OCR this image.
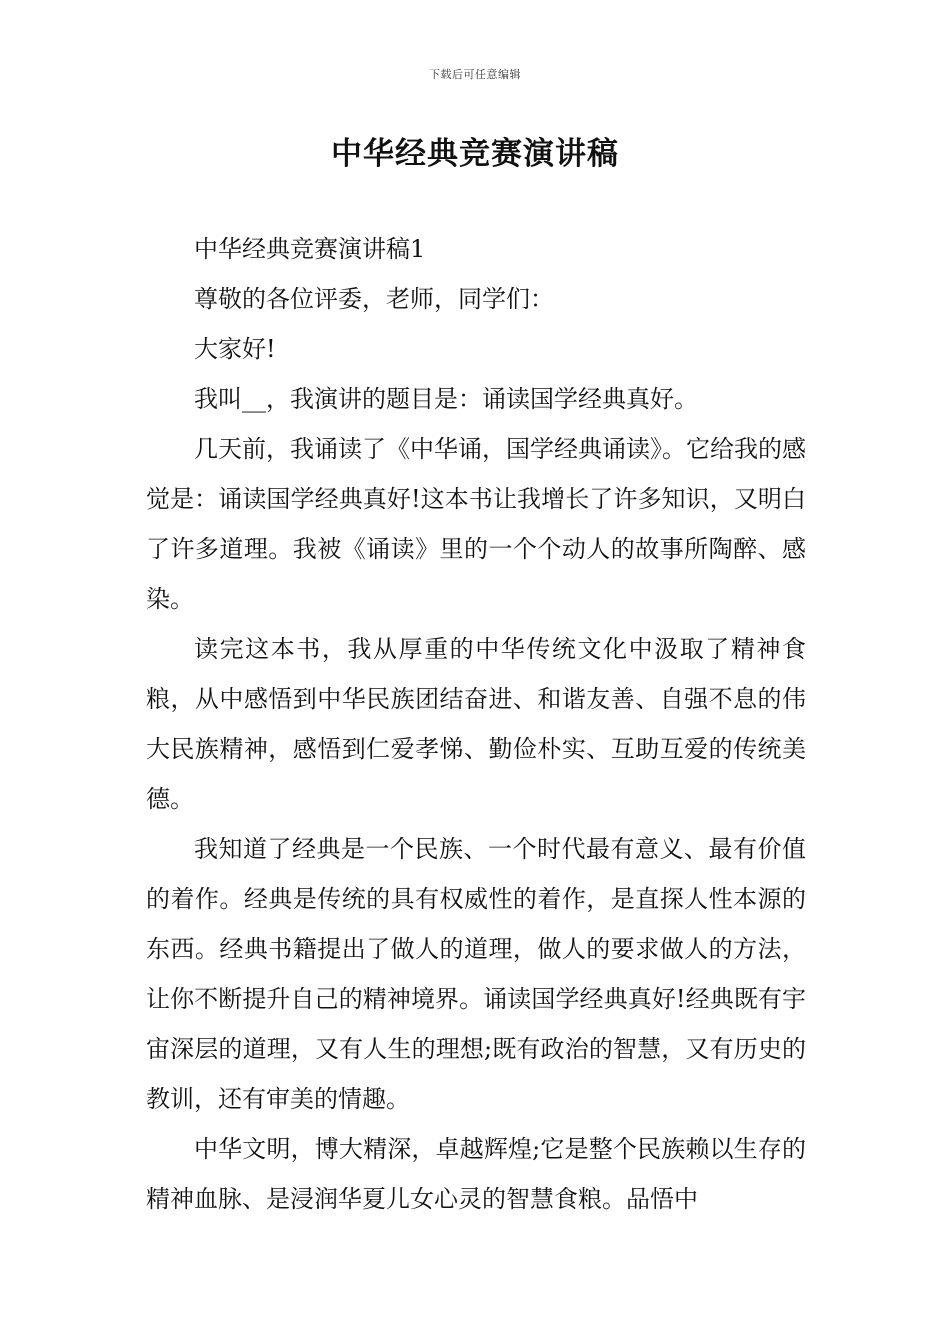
下载后可任意编辑
中华经典竞赛演讲稿

中华经典竞赛演讲稿1

尊敬的各位评委，老师，同学们：

大家好!

我叫__，我演讲的题目是：诵读国学经典真好。

几天前，我诵读了《中华诵，国学经典诵读》。它给我的感觉是：诵读国学经典真好!这本书让我增长了许多知识，又明白了许多道理。我被《诵读》里的一个个动人的故事所陶醉、感染。

读完这本书，我从厚重的中华传统文化中汲取了精神食粮，从中感悟到中华民族团结奋进、和谐友善、自强不息的伟大民族精神，感悟到仁爱孝悌、勤俭朴实、互助互爱的传统美德。

我知道了经典是一个民族、一个时代最有意义、最有价值的着作。经典是传统的具有权威性的着作，是直探人性本源的东西。经典书籍提出了做人的道理，做人的要求做人的方法，让你不断提升自己的精神境界。诵读国学经典真好!经典既有宇宙深层的道理，又有人生的理想;既有政治的智慧，又有历史的教训，还有审美的情趣。

中华文明，博大精深，卓越辉煌;它是整个民族赖以生存的精神血脉、是浸润华夏儿女心灵的智慧食粮。品悟中
